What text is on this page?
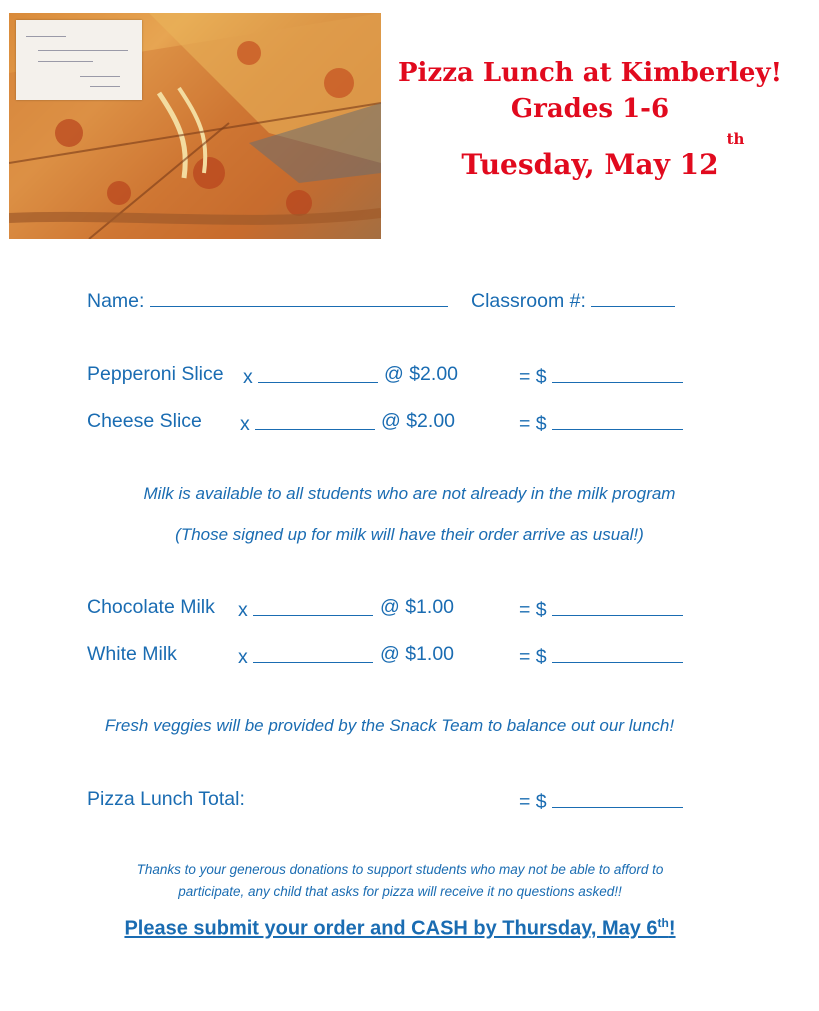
Pizza Lunch at Kimberley!
Grades 1-6
Tuesday, May 12
th
Name:	Classroom #:
Pepperoni Slice x	@ $2.00	= $
Cheese Slice x	@ $2.00	= $
Milk is available to all students who are not already in the milk program
(Those signed up for milk will have their order arrive as usual!)
Chocolate Milk x	@ $1.00	= $
White Milk	x	@ $1.00	= $
Fresh veggies will be provided by the Snack Team to balance out our lunch!
Pizza Lunch Total:	= $
Thanks to your generous donations to support students who may not be able to afford to
participate, any child that asks for pizza will receive it no questions asked!!
Please submit your order and CASH by Thursday, May 6th!
